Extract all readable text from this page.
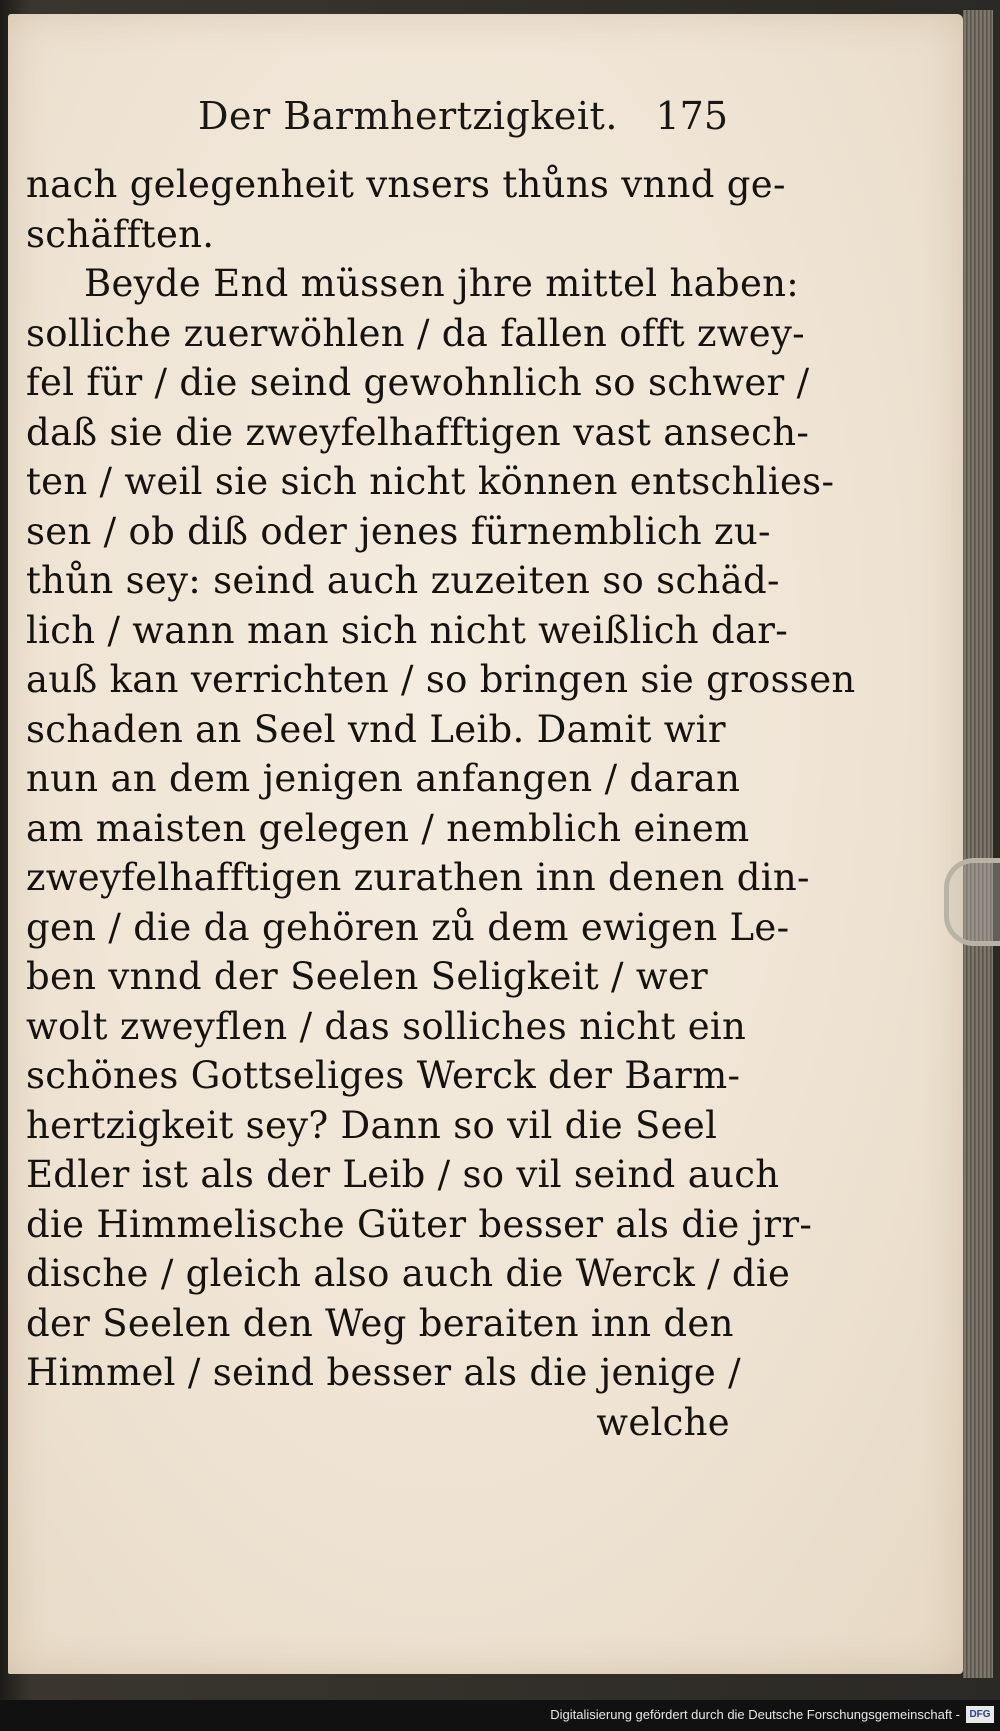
Der Barmhertzigkeit. 175
nach gelegenheit vnsers thůns vnnd ge-
schäfften.
Beyde End müssen jhre mittel haben:
solliche zuerwöhlen / da fallen offt zwey-
fel für / die seind gewohnlich so schwer /
daß sie die zweyfelhafftigen vast ansech-
ten / weil sie sich nicht können entschlies-
sen / ob diß oder jenes fürnemblich zu-
thůn sey: seind auch zuzeiten so schäd-
lich / wann man sich nicht weißlich dar-
auß kan verrichten / so bringen sie grossen
schaden an Seel vnd Leib. Damit wir
nun an dem jenigen anfangen / daran
am maisten gelegen / nemblich einem
zweyfelhafftigen zurathen inn denen din-
gen / die da gehören zů dem ewigen Le-
ben vnnd der Seelen Seligkeit / wer
wolt zweyflen / das solliches nicht ein
schönes Gottseliges Werck der Barm-
hertzigkeit sey? Dann so vil die Seel
Edler ist als der Leib / so vil seind auch
die Himmelische Güter besser als die jrr-
dische / gleich also auch die Werck / die
der Seelen den Weg beraiten inn den
Himmel / seind besser als die jenige /
welche
Digitalisierung gefördert durch die Deutsche Forschungsgemeinschaft - DFG
